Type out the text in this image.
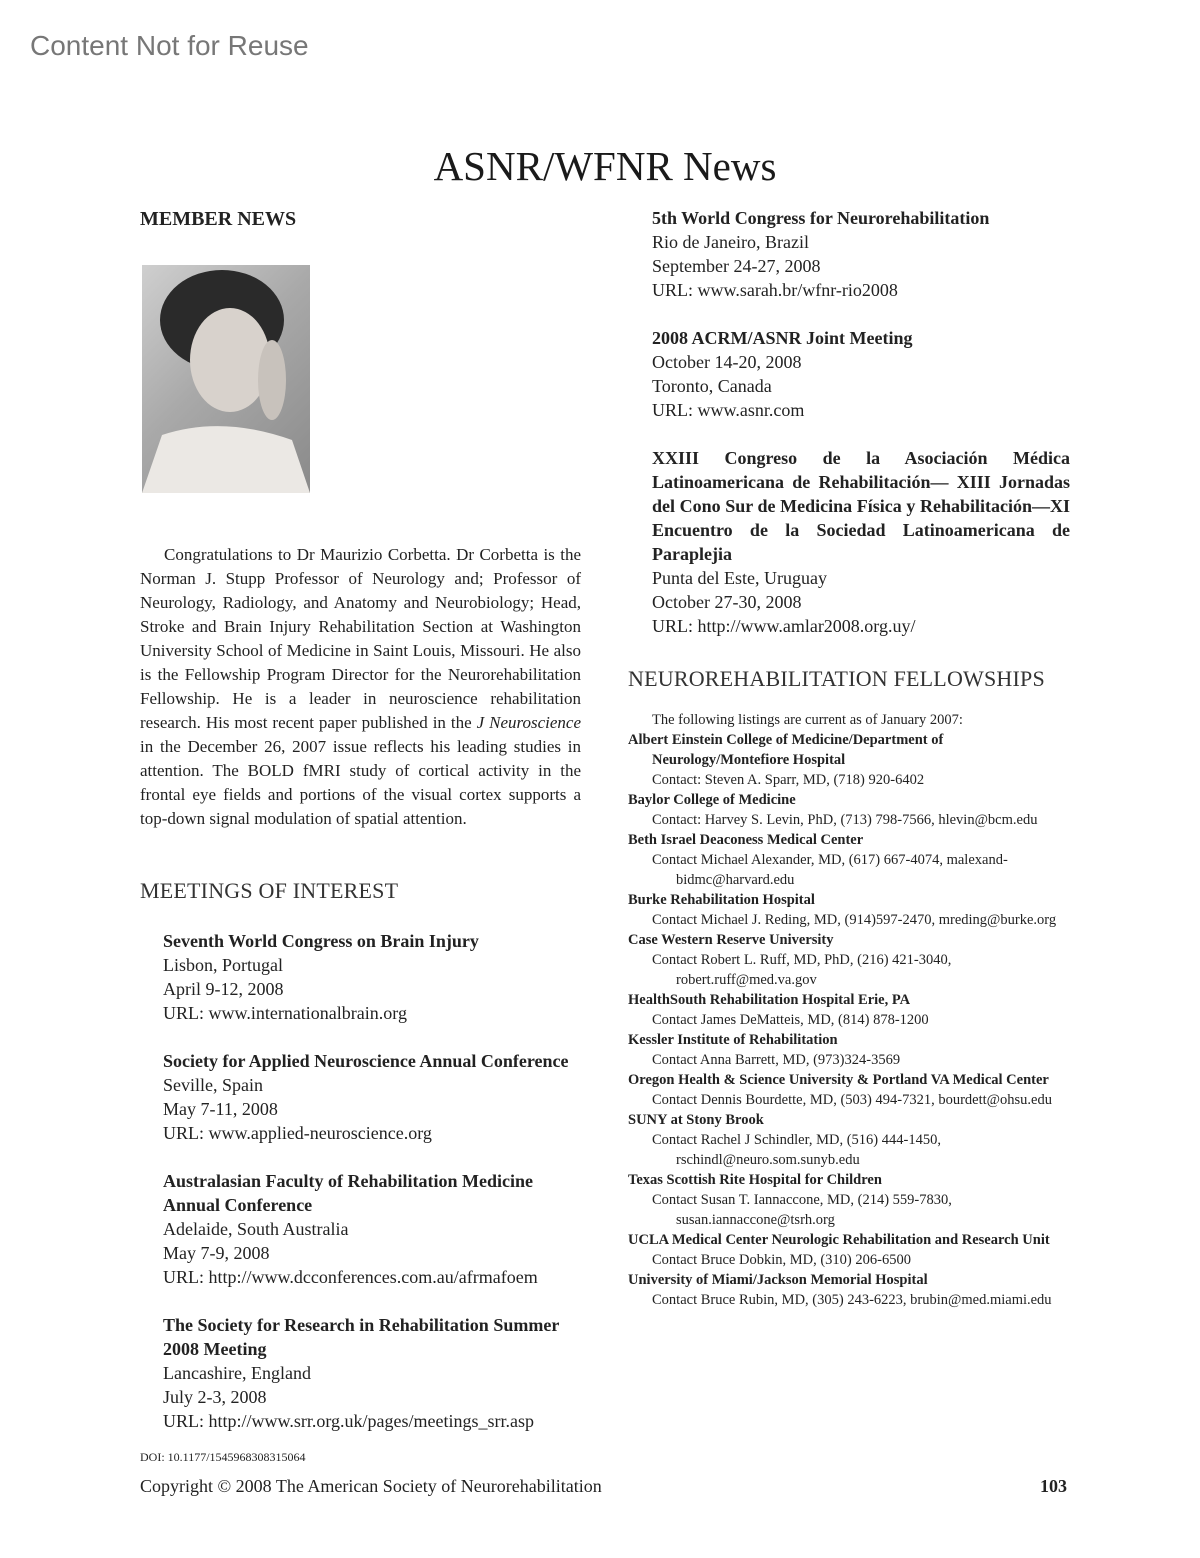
Content Not for Reuse
ASNR/WFNR News
MEMBER NEWS
Congratulations to Dr Maurizio Corbetta. Dr Corbetta is the Norman J. Stupp Professor of Neurology and; Professor of Neurology, Radiology, and Anatomy and Neurobiology; Head, Stroke and Brain Injury Rehabilitation Section at Washington University School of Medicine in Saint Louis, Missouri. He also is the Fellowship Program Director for the Neurorehabilitation Fellowship. He is a leader in neuroscience rehabilitation research. His most recent paper published in the J Neuroscience in the December 26, 2007 issue reflects his leading studies in attention. The BOLD fMRI study of cortical activity in the frontal eye fields and portions of the visual cortex supports a top-down signal modulation of spatial attention.
MEETINGS OF INTEREST
Seventh World Congress on Brain Injury
Lisbon, Portugal
April 9-12, 2008
URL: www.internationalbrain.org
Society for Applied Neuroscience Annual Conference
Seville, Spain
May 7-11, 2008
URL: www.applied-neuroscience.org
Australasian Faculty of Rehabilitation Medicine Annual Conference
Adelaide, South Australia
May 7-9, 2008
URL: http://www.dcconferences.com.au/afrmafoem
The Society for Research in Rehabilitation Summer 2008 Meeting
Lancashire, England
July 2-3, 2008
URL: http://www.srr.org.uk/pages/meetings_srr.asp
5th World Congress for Neurorehabilitation
Rio de Janeiro, Brazil
September 24-27, 2008
URL: www.sarah.br/wfnr-rio2008
2008 ACRM/ASNR Joint Meeting
October 14-20, 2008
Toronto, Canada
URL: www.asnr.com
XXIII Congreso de la Asociación Médica Latinoamericana de Rehabilitación— XIII Jornadas del Cono Sur de Medicina Física y Rehabilitación—XI Encuentro de la Sociedad Latinoamericana de Paraplejia
Punta del Este, Uruguay
October 27-30, 2008
URL: http://www.amlar2008.org.uy/
NEUROREHABILITATION FELLOWSHIPS
The following listings are current as of January 2007:
Albert Einstein College of Medicine/Department of Neurology/Montefiore Hospital
Contact: Steven A. Sparr, MD, (718) 920-6402
Baylor College of Medicine
Contact: Harvey S. Levin, PhD, (713) 798-7566, hlevin@bcm.edu
Beth Israel Deaconess Medical Center
Contact Michael Alexander, MD, (617) 667-4074, malexand-bidmc@harvard.edu
Burke Rehabilitation Hospital
Contact Michael J. Reding, MD, (914)597-2470, mreding@burke.org
Case Western Reserve University
Contact Robert L. Ruff, MD, PhD, (216) 421-3040, robert.ruff@med.va.gov
HealthSouth Rehabilitation Hospital Erie, PA
Contact James DeMatteis, MD, (814) 878-1200
Kessler Institute of Rehabilitation
Contact Anna Barrett, MD, (973)324-3569
Oregon Health & Science University & Portland VA Medical Center
Contact Dennis Bourdette, MD, (503) 494-7321, bourdett@ohsu.edu
SUNY at Stony Brook
Contact Rachel J Schindler, MD, (516) 444-1450, rschindl@neuro.som.sunyb.edu
Texas Scottish Rite Hospital for Children
Contact Susan T. Iannaccone, MD, (214) 559-7830, susan.iannaccone@tsrh.org
UCLA Medical Center Neurologic Rehabilitation and Research Unit
Contact Bruce Dobkin, MD, (310) 206-6500
University of Miami/Jackson Memorial Hospital
Contact Bruce Rubin, MD, (305) 243-6223, brubin@med.miami.edu
DOI: 10.1177/1545968308315064
Copyright © 2008 The American Society of Neurorehabilitation	103
